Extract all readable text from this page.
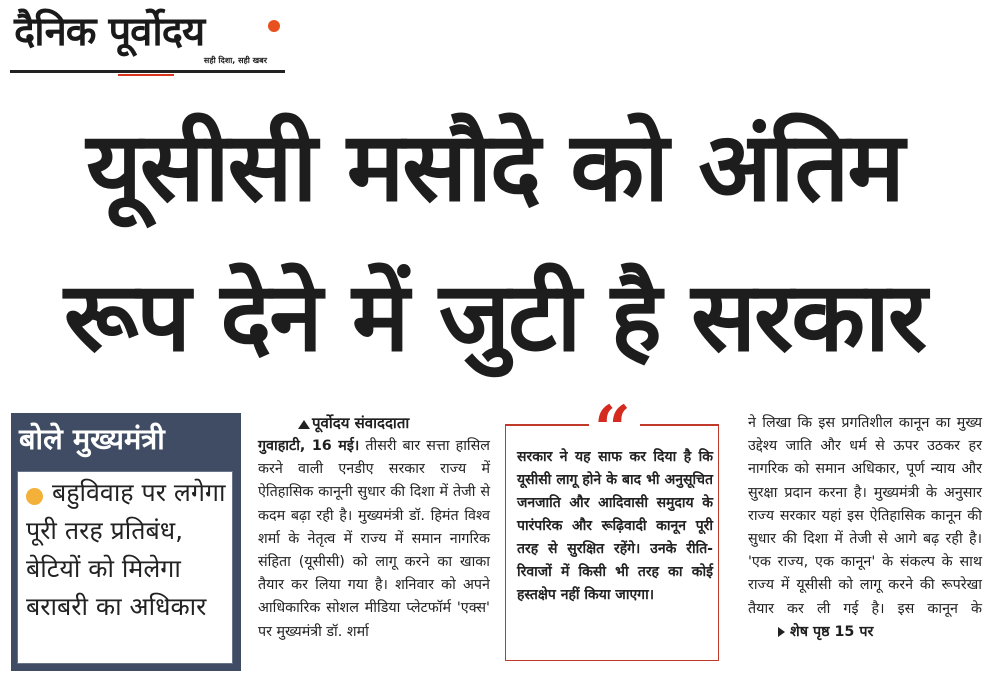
दैनिक पूर्वोदय
सही दिशा, सही खबर
यूसीसी मसौदे को अंतिम
रूप देने में जुटी है सरकार
बोले मुख्यमंत्री
बहुविवाह पर लगेगा पूरी तरह प्रतिबंध, बेटियों को मिलेगा बराबरी का अधिकार
पूर्वोदय संवाददाता
गुवाहाटी, 16 मई। तीसरी बार सत्ता हासिल करने वाली एनडीए सरकार राज्य में ऐतिहासिक कानूनी सुधार की दिशा में तेजी से कदम बढ़ा रही है। मुख्यमंत्री डॉ. हिमंत विश्व शर्मा के नेतृत्व में राज्य में समान नागरिक संहिता (यूसीसी) को लागू करने का खाका तैयार कर लिया गया है। शनिवार को अपने आधिकारिक सोशल मीडिया प्लेटफॉर्म 'एक्स' पर मुख्यमंत्री डॉ. शर्मा
“
सरकार ने यह साफ कर दिया है कि यूसीसी लागू होने के बाद भी अनुसूचित जनजाति और आदिवासी समुदाय के पारंपरिक और रूढ़िवादी कानून पूरी तरह से सुरक्षित रहेंगे। उनके रीति-रिवाजों में किसी भी तरह का कोई हस्तक्षेप नहीं किया जाएगा।
ने लिखा कि इस प्रगतिशील कानून का मुख्य उद्देश्य जाति और धर्म से ऊपर उठकर हर नागरिक को समान अधिकार, पूर्ण न्याय और सुरक्षा प्रदान करना है। मुख्यमंत्री के अनुसार राज्य सरकार यहां इस ऐतिहासिक कानून की सुधार की दिशा में तेजी से आगे बढ़ रही है। 'एक राज्य, एक कानून' के संकल्प के साथ राज्य में यूसीसी को लागू करने की रूपरेखा तैयार कर ली गई है। इस कानून के शेष पृष्ठ 15 पर
